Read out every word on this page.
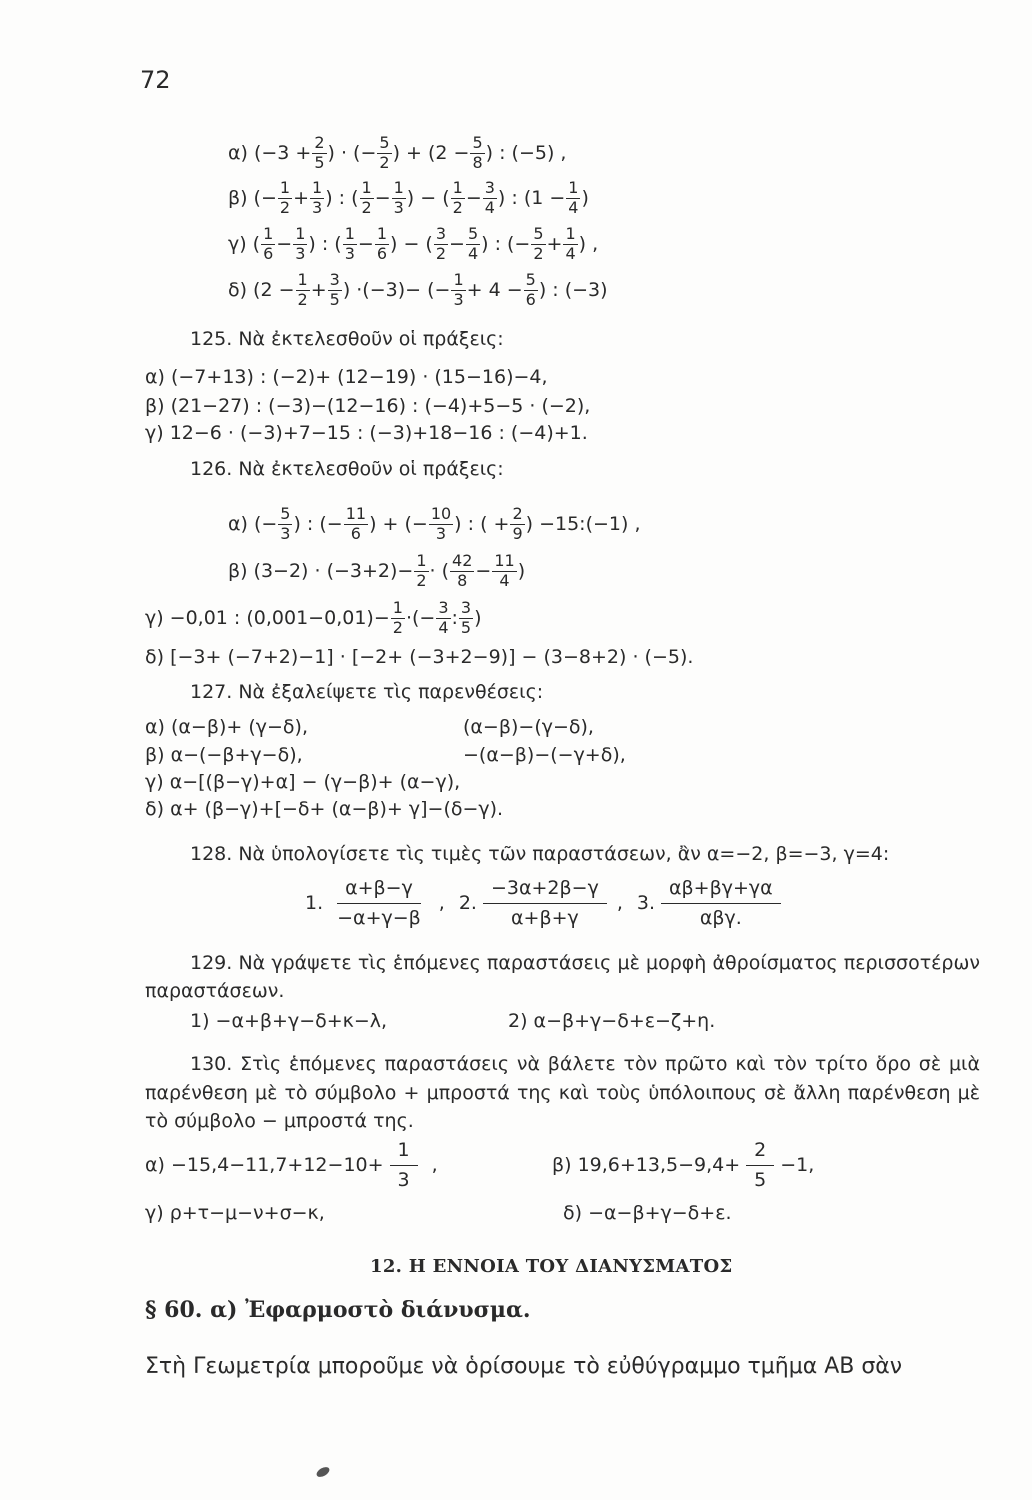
72
α) ($-3 + \frac{2}{5}$ ) · (− $\frac{5}{2}$ ) + ($2 - \frac{5}{8}$ ) : (−5) ,
β) (− $\frac{1}{2} + \frac{1}{3}$ ) : ( $\frac{1}{2} - \frac{1}{3}$ ) − ( $\frac{1}{2} - \frac{3}{4}$ ) : ($1 - \frac{1}{4}$ )
γ) ( $\frac{1}{6} - \frac{1}{3}$ ) : ( $\frac{1}{3} - \frac{1}{6}$ ) − ( $\frac{3}{2} - \frac{5}{4}$ ) : (− $\frac{5}{2} + \frac{1}{4}$ ) ,
δ) ($2 - \frac{1}{2} + \frac{3}{5}$ ) ·(−3)− (− $\frac{1}{3} + 4 - \frac{5}{6}$ ) : (−3)
125. Νὰ ἐκτελεσθοῦν οἱ πράξεις:
α) (−7+13) : (−2)+ (12−19) · (15−16)−4,
β) (21−27) : (−3)−(12−16) : (−4)+5−5 · (−2),
γ) 12−6 · (−3)+7−15 : (−3)+18−16 : (−4)+1.
126. Νὰ ἐκτελεσθοῦν οἱ πράξεις:
α) (− $\frac{5}{3}$ ) : (− $\frac{11}{6}$ ) + (− $\frac{10}{3}$ ) : ( + $\frac{2}{9}$ ) −15:(−1) ,
β) $(3-2) \cdot (-3+2)- \frac{1}{2}$ · ( $\frac{42}{8} - \frac{11}{4}$ )
γ) −0,01 : $(0,001-0,01)- \frac{1}{2}$ ·(− $\frac{3}{4}$ : $\frac{3}{5}$ )
δ) [−3+ (−7+2)−1] · [−2+ (−3+2−9)] − (3−8+2) · (−5).
127. Νὰ ἐξαλείψετε τὶς παρενθέσεις:
α) (α−β)+ (γ−δ),	(α−β)−(γ−δ),
β) α−(−β+γ−δ),	−(α−β)−(−γ+δ),
γ) α−[(β−γ)+α] − (γ−β)+ (α−γ),
δ) α+ (β−γ)+[−δ+ (α−β)+ γ]−(δ−γ).
128. Νὰ ὑπολογίσετε τὶς τιμὲς τῶν παραστάσεων, ἂν α=−2, β=−3, γ=4:
1. $\frac{\alpha+\beta-\gamma}{-\alpha+\gamma-\beta}$ , 2. $\frac{-3\alpha+2\beta-\gamma}{\alpha+\beta+\gamma}$ , 3.
αβ+βγ+γα
αβγ.
129. Νὰ γράψετε τὶς ἑπόμενες παραστάσεις μὲ μορφὴ ἀθροίσματος περισσοτέρων παραστάσεων.
1) −α+β+γ−δ+κ−λ,	2) α−β+γ−δ+ε−ζ+η.
130. Στὶς ἑπόμενες παραστάσεις νὰ βάλετε τὸν πρῶτο καὶ τὸν τρίτο ὅρο σὲ μιὰ παρένθεση μὲ τὸ σύμβολο + μπροστά της καὶ τοὺς ὑπόλοιπους σὲ ἄλλη παρένθεση μὲ τὸ σύμβολο − μπροστά της.
$\alpha) -15,4-11,7+12-10+ \frac{1}{3}$ ,	β) $19,6+13,5-9,4+ \frac{2}{5} -1$,
γ) ρ+τ−μ−ν+σ−κ,	δ) −α−β+γ−δ+ε.
12. Η ΕΝΝΟΙΑ ΤΟΥ ΔΙΑΝΥΣΜΑΤΟΣ
§ 60. α) Ἐφαρμοστὸ διάνυσμα.
Στὴ Γεωμετρία μποροῦμε νὰ ὁρίσουμε τὸ εὐθύγραμμο τμῆμα ΑΒ σὰν
